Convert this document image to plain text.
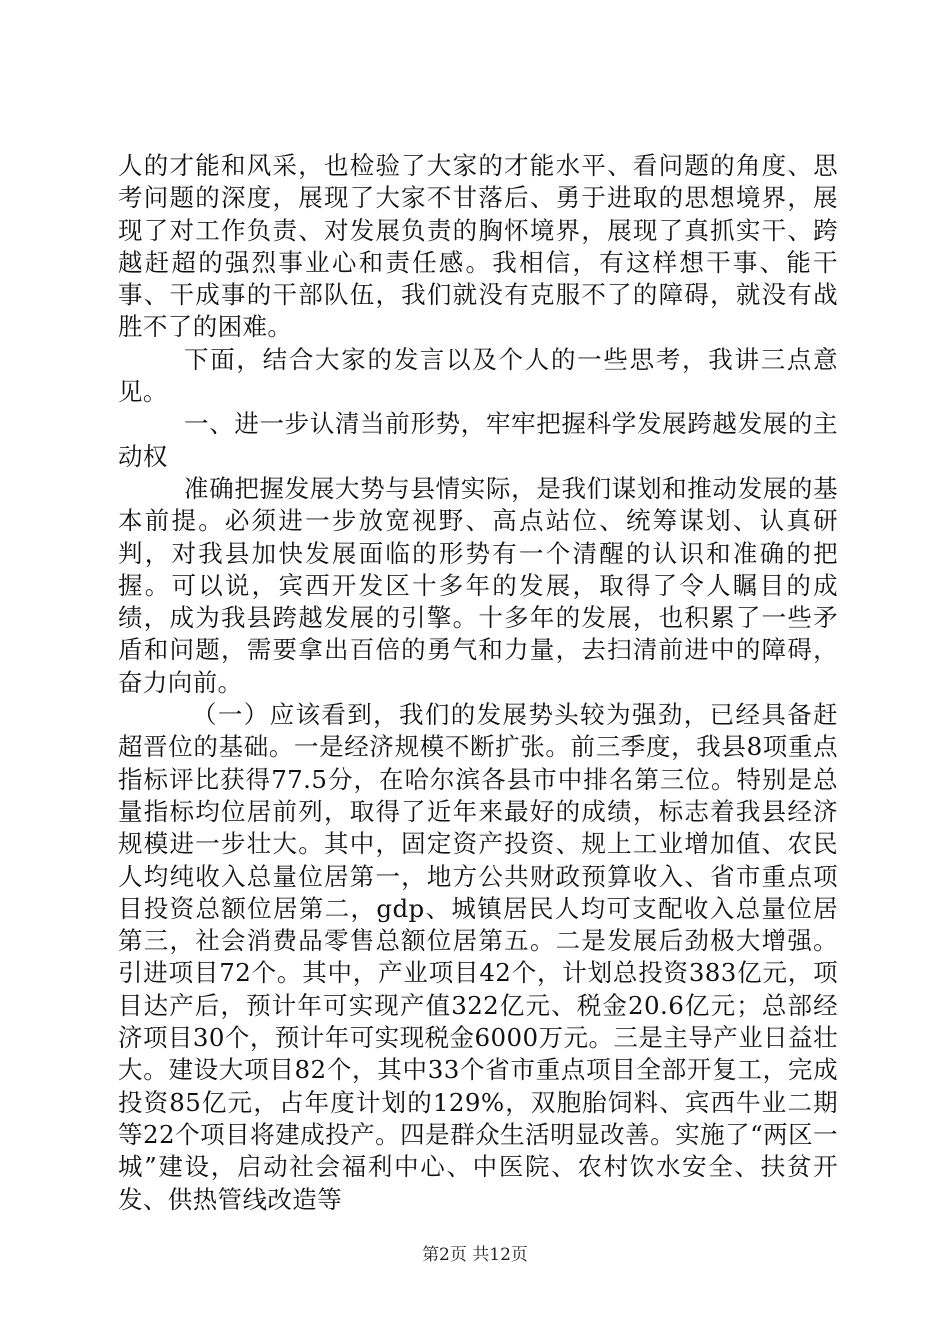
人的才能和风采，也检验了大家的才能水平、看问题的角度、思考问题的深度，展现了大家不甘落后、勇于进取的思想境界，展现了对工作负责、对发展负责的胸怀境界，展现了真抓实干、跨越赶超的强烈事业心和责任感。我相信，有这样想干事、能干事、干成事的干部队伍，我们就没有克服不了的障碍，就没有战胜不了的困难。

下面，结合大家的发言以及个人的一些思考，我讲三点意见。

一、进一步认清当前形势，牢牢把握科学发展跨越发展的主动权

准确把握发展大势与县情实际，是我们谋划和推动发展的基本前提。必须进一步放宽视野、高点站位、统筹谋划、认真研判，对我县加快发展面临的形势有一个清醒的认识和准确的把握。可以说，宾西开发区十多年的发展，取得了令人瞩目的成绩，成为我县跨越发展的引擎。十多年的发展，也积累了一些矛盾和问题，需要拿出百倍的勇气和力量，去扫清前进中的障碍，奋力向前。

（一）应该看到，我们的发展势头较为强劲，已经具备赶超晋位的基础。一是经济规模不断扩张。前三季度，我县8项重点指标评比获得77.5分，在哈尔滨各县市中排名第三位。特别是总量指标均位居前列，取得了近年来最好的成绩，标志着我县经济规模进一步壮大。其中，固定资产投资、规上工业增加值、农民人均纯收入总量位居第一，地方公共财政预算收入、省市重点项目投资总额位居第二，gdp、城镇居民人均可支配收入总量位居第三，社会消费品零售总额位居第五。二是发展后劲极大增强。引进项目72个。其中，产业项目42个，计划总投资383亿元，项目达产后，预计年可实现产值322亿元、税金20.6亿元；总部经济项目30个，预计年可实现税金6000万元。三是主导产业日益壮大。建设大项目82个，其中33个省市重点项目全部开复工，完成投资85亿元，占年度计划的129%，双胞胎饲料、宾西牛业二期等22个项目将建成投产。四是群众生活明显改善。实施了“两区一城”建设，启动社会福利中心、中医院、农村饮水安全、扶贫开发、供热管线改造等

第2页 共12页
